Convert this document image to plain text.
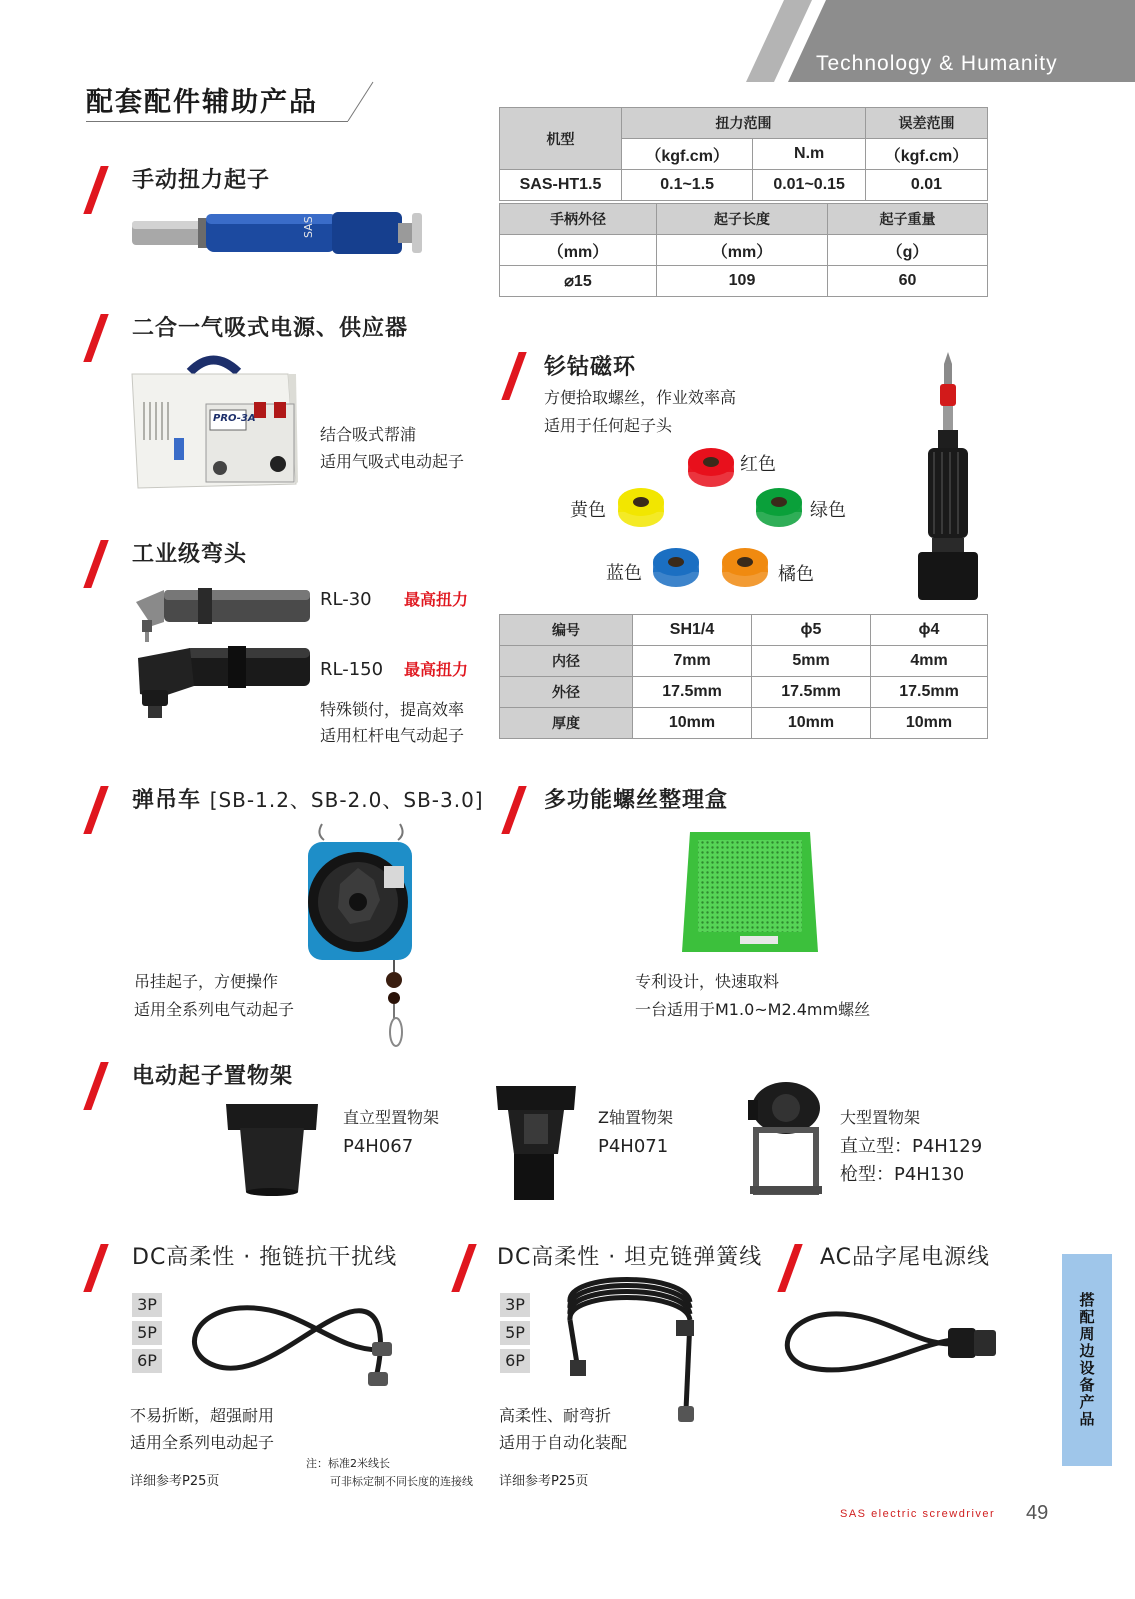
Technology & Humanity
配套配件辅助产品
手动扭力起子
SAS
机型	扭力范围		误差范围
	（kgf.cm）	N.m	（kgf.cm）
SAS-HT1.5	0.1~1.5	0.01~0.15	0.01
手柄外径	起子长度	起子重量
（mm）	（mm）	（g）
⌀15	109	60
二合一气吸式电源、供应器
PRO-3A
结合吸式帮浦
适用气吸式电动起子
钐钴磁环
方便拾取螺丝，作业效率高
适用于任何起子头
红色
黄色	绿色
蓝色	橘色
编号	SH1/4	ϕ5	ϕ4
内径	7mm	5mm	4mm
外径	17.5mm	17.5mm	17.5mm
厚度	10mm	10mm	10mm
工业级弯头
RL-30 最高扭力
RL-150 最高扭力
特殊锁付，提高效率
适用杠杆电气动起子
弹吊车 [SB-1.2、SB-2.0、SB-3.0]
吊挂起子，方便操作
适用全系列电气动起子
多功能螺丝整理盒
专利设计，快速取料
一台适用于M1.0~M2.4mm螺丝
电动起子置物架
直立型置物架
P4H067
Z轴置物架
P4H071
大型置物架
直立型：P4H129
枪型：P4H130
DC高柔性 · 拖链抗干扰线
3P
5P
6P
不易折断，超强耐用
适用全系列电动起子
详细参考P25页
注：标准2米线长
可非标定制不同长度的连接线
DC高柔性 · 坦克链弹簧线
3P
5P
6P
高柔性、耐弯折
适用于自动化装配
详细参考P25页
AC品字尾电源线
搭配周边设备产品
SAS electric screwdriver 49
